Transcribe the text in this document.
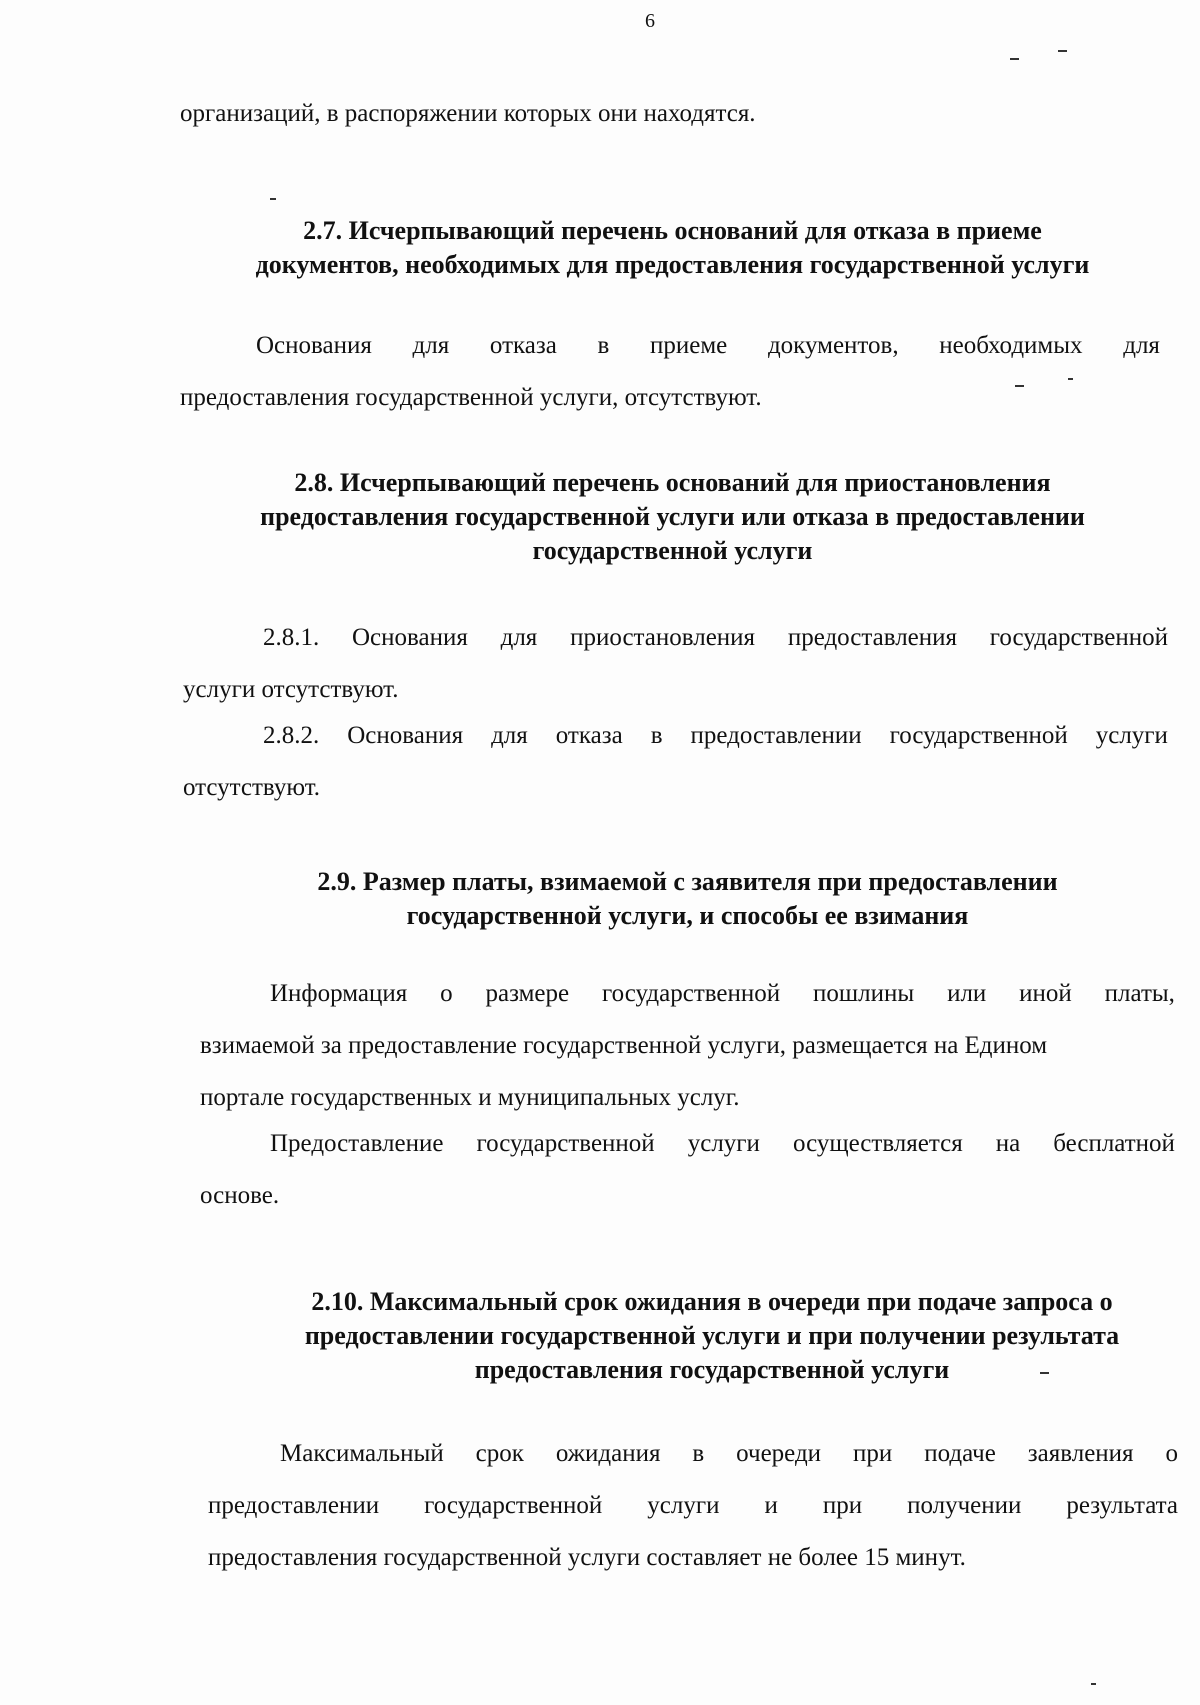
6
организаций, в распоряжении которых они находятся.
2.7. Исчерпывающий перечень оснований для отказа в приеме
документов, необходимых для предоставления государственной услуги
Основания для отказа в приеме документов, необходимых для
предоставления государственной услуги, отсутствуют.
2.8. Исчерпывающий перечень оснований для приостановления
предоставления государственной услуги или отказа в предоставлении
государственной услуги
2.8.1. Основания для приостановления предоставления государственной
услуги отсутствуют.
2.8.2. Основания для отказа в предоставлении государственной услуги
отсутствуют.
2.9. Размер платы, взимаемой с заявителя при предоставлении
государственной услуги, и способы ее взимания
Информация о размере государственной пошлины или иной платы,
взимаемой за предоставление государственной услуги, размещается на Едином
портале государственных и муниципальных услуг.
Предоставление государственной услуги осуществляется на бесплатной
основе.
2.10. Максимальный срок ожидания в очереди при подаче запроса о
предоставлении государственной услуги и при получении результата
предоставления государственной услуги
Максимальный срок ожидания в очереди при подаче заявления о
предоставлении государственной услуги и при получении результата
предоставления государственной услуги составляет не более 15 минут.
